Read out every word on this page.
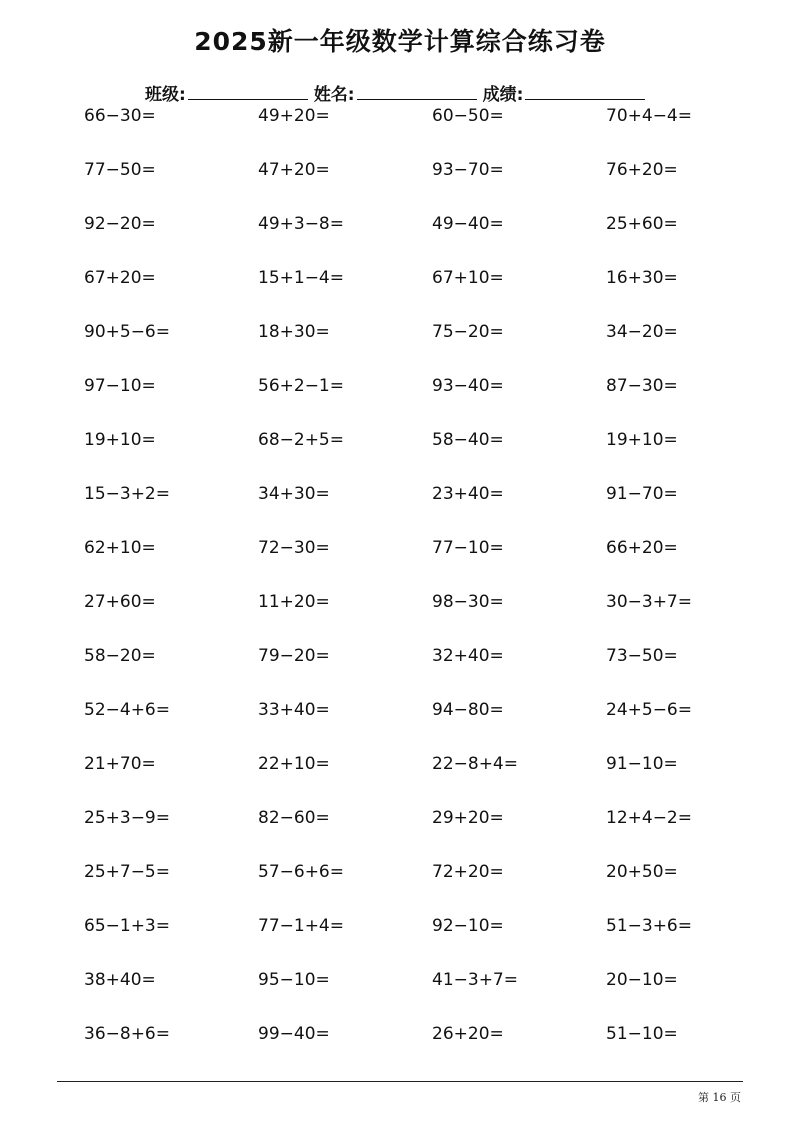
2025新一年级数学计算综合练习卷
班级:	姓名:	成绩:
66−30=	49+20=	60−50=	70+4−4=
77−50=	47+20=	93−70=	76+20=
92−20=	49+3−8=	49−40=	25+60=
67+20=	15+1−4=	67+10=	16+30=
90+5−6=	18+30=	75−20=	34−20=
97−10=	56+2−1=	93−40=	87−30=
19+10=	68−2+5=	58−40=	19+10=
15−3+2=	34+30=	23+40=	91−70=
62+10=	72−30=	77−10=	66+20=
27+60=	11+20=	98−30=	30−3+7=
58−20=	79−20=	32+40=	73−50=
52−4+6=	33+40=	94−80=	24+5−6=
21+70=	22+10=	22−8+4=	91−10=
25+3−9=	82−60=	29+20=	12+4−2=
25+7−5=	57−6+6=	72+20=	20+50=
65−1+3=	77−1+4=	92−10=	51−3+6=
38+40=	95−10=	41−3+7=	20−10=
36−8+6=	99−40=	26+20=	51−10=
第 16 页
